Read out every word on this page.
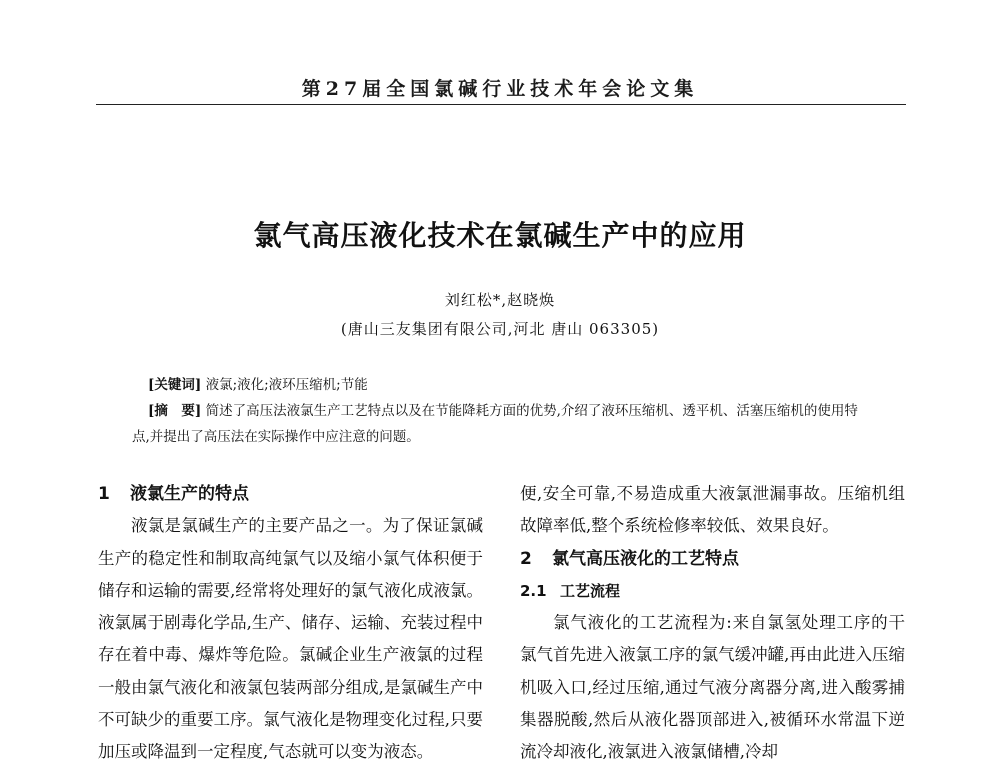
第27届全国氯碱行业技术年会论文集
氯气高压液化技术在氯碱生产中的应用
刘红松*,赵晓焕
(唐山三友集团有限公司,河北 唐山 063305)
[关键词] 液氯;液化;液环压缩机;节能
[摘　要] 简述了高压法液氯生产工艺特点以及在节能降耗方面的优势,介绍了液环压缩机、透平机、活塞压缩机的使用特点,并提出了高压法在实际操作中应注意的问题。
1 液氯生产的特点

液氯是氯碱生产的主要产品之一。为了保证氯碱生产的稳定性和制取高纯氯气以及缩小氯气体积便于储存和运输的需要,经常将处理好的氯气液化成液氯。液氯属于剧毒化学品,生产、储存、运输、充装过程中存在着中毒、爆炸等危险。氯碱企业生产液氯的过程一般由氯气液化和液氯包装两部分组成,是氯碱生产中不可缺少的重要工序。氯气液化是物理变化过程,只要加压或降温到一定程度,气态就可以变为液态。

便,安全可靠,不易造成重大液氯泄漏事故。压缩机组故障率低,整个系统检修率较低、效果良好。

2 氯气高压液化的工艺特点
2.1 工艺流程

氯气液化的工艺流程为:来自氯氢处理工序的干氯气首先进入液氯工序的氯气缓冲罐,再由此进入压缩机吸入口,经过压缩,通过气液分离器分离,进入酸雾捕集器脱酸,然后从液化器顶部进入,被循环水常温下逆流冷却液化,液氯进入液氯储槽,冷却
